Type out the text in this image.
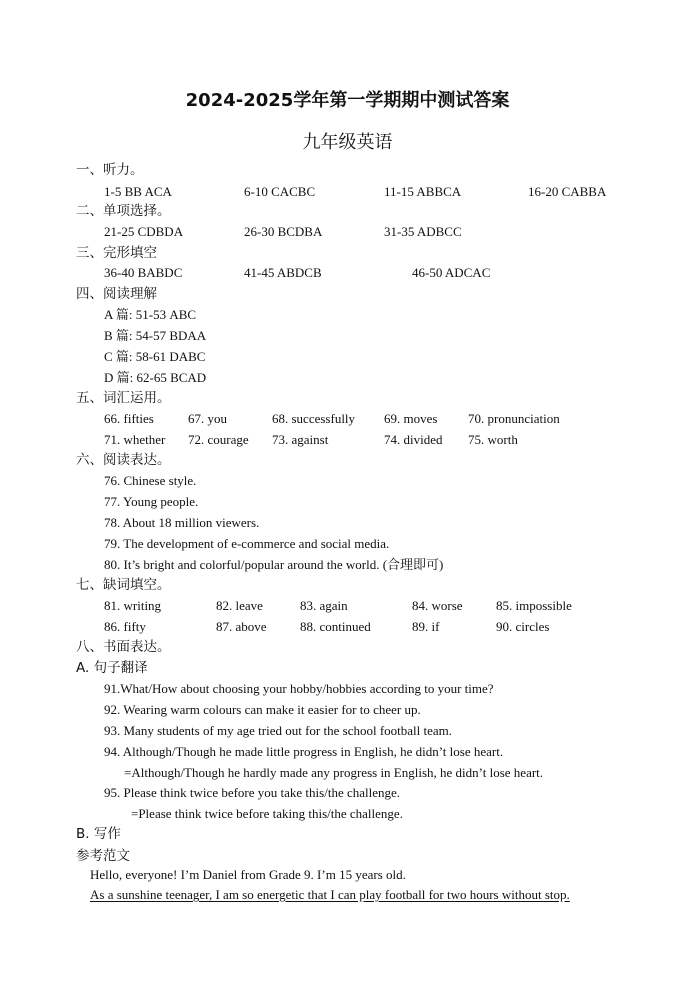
2024-2025学年第一学期期中测试答案
九年级英语
一、听力。
1-5 BB ACA	6-10 CACBC	11-15 ABBCA	16-20 CABBA
二、单项选择。
21-25 CDBDA	26-30 BCDBA	31-35 ADBCC
三、完形填空
36-40 BABDC	41-45 ABDCB	46-50 ADCAC
四、阅读理解
A 篇: 51-53 ABC
B 篇: 54-57 BDAA
C 篇: 58-61 DABC
D 篇: 62-65 BCAD
五、词汇运用。
66. fifties	67. you	68. successfully 69. moves 70. pronunciation
71. whether 72. courage 73. against	74. divided 75. worth
六、阅读表达。
76. Chinese style.
77. Young people.
78. About 18 million viewers.
79. The development of e-commerce and social media.
80. It’s bright and colorful/popular around the world. (合理即可)
七、缺词填空。
81. writing	82. leave	83. again	84. worse	85. impossible
86. fifty	87. above	88. continued	89. if	90. circles
八、书面表达。
A. 句子翻译
91.What/How about choosing your hobby/hobbies according to your time?
92. Wearing warm colours can make it easier for to cheer up.
93. Many students of my age tried out for the school football team.
94. Although/Though he made little progress in English, he didn’t lose heart.
=Although/Though he hardly made any progress in English, he didn’t lose heart.
95. Please think twice before you take this/the challenge.
=Please think twice before taking this/the challenge.
B. 写作
参考范文
Hello, everyone! I’m Daniel from Grade 9. I’m 15 years old.
As a sunshine teenager, I am so energetic that I can play football for two hours without stop.
